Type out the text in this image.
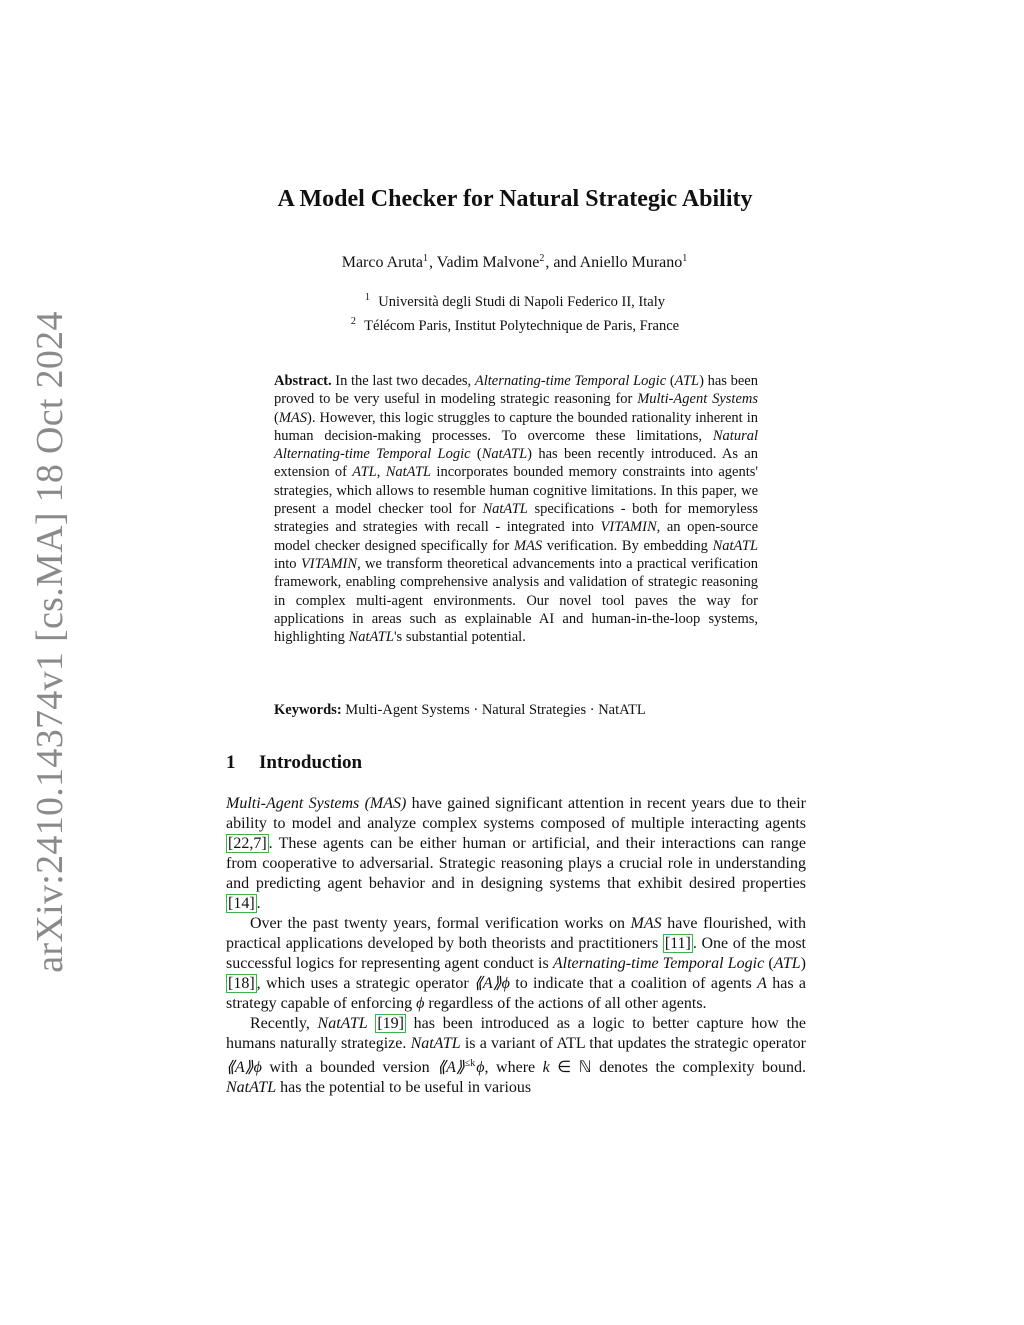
arXiv:2410.14374v1 [cs.MA] 18 Oct 2024
A Model Checker for Natural Strategic Ability
Marco Aruta$^1$, Vadim Malvone$^2$, and Aniello Murano$^1$
$^1$ Università degli Studi di Napoli Federico II, Italy
$^2$ Télécom Paris, Institut Polytechnique de Paris, France
Abstract. In the last two decades, Alternating-time Temporal Logic (ATL) has been proved to be very useful in modeling strategic reasoning for Multi-Agent Systems (MAS). However, this logic struggles to capture the bounded rationality inherent in human decision-making processes. To overcome these limitations, Natural Alternating-time Temporal Logic (NatATL) has been recently introduced. As an extension of ATL, NatATL incorporates bounded memory constraints into agents' strategies, which allows to resemble human cognitive limitations. In this paper, we present a model checker tool for NatATL specifications - both for memoryless strategies and strategies with recall - integrated into VITAMIN, an open-source model checker designed specifically for MAS verification. By embedding NatATL into VITAMIN, we transform theoretical advancements into a practical verification framework, enabling comprehensive analysis and validation of strategic reasoning in complex multi-agent environments. Our novel tool paves the way for applications in areas such as explainable AI and human-in-the-loop systems, highlighting NatATL's substantial potential.
Keywords: Multi-Agent Systems · Natural Strategies · NatATL
1 Introduction

Multi-Agent Systems (MAS) have gained significant attention in recent years due to their ability to model and analyze complex systems composed of multiple interacting agents [22,7] . These agents can be either human or artificial, and their interactions can range from cooperative to adversarial. Strategic reasoning plays a crucial role in understanding and predicting agent behavior and in designing systems that exhibit desired properties [14] .

Over the past twenty years, formal verification works on MAS have flourished, with practical applications developed by both theorists and practitioners [11] . One of the most successful logics for representing agent conduct is Alternating-time Temporal Logic (ATL) [18] , which uses a strategic operator ⟪A⟫ϕ to indicate that a coalition of agents A has a strategy capable of enforcing ϕ regardless of the actions of all other agents.

Recently, NatATL [19] has been introduced as a logic to better capture how the humans naturally strategize. NatATL is a variant of ATL that updates the strategic operator ⟪A⟫ϕ with a bounded version ⟪A⟫$^{\le k}$ϕ, where k ∈ ℕ denotes the complexity bound. NatATL has the potential to be useful in various
